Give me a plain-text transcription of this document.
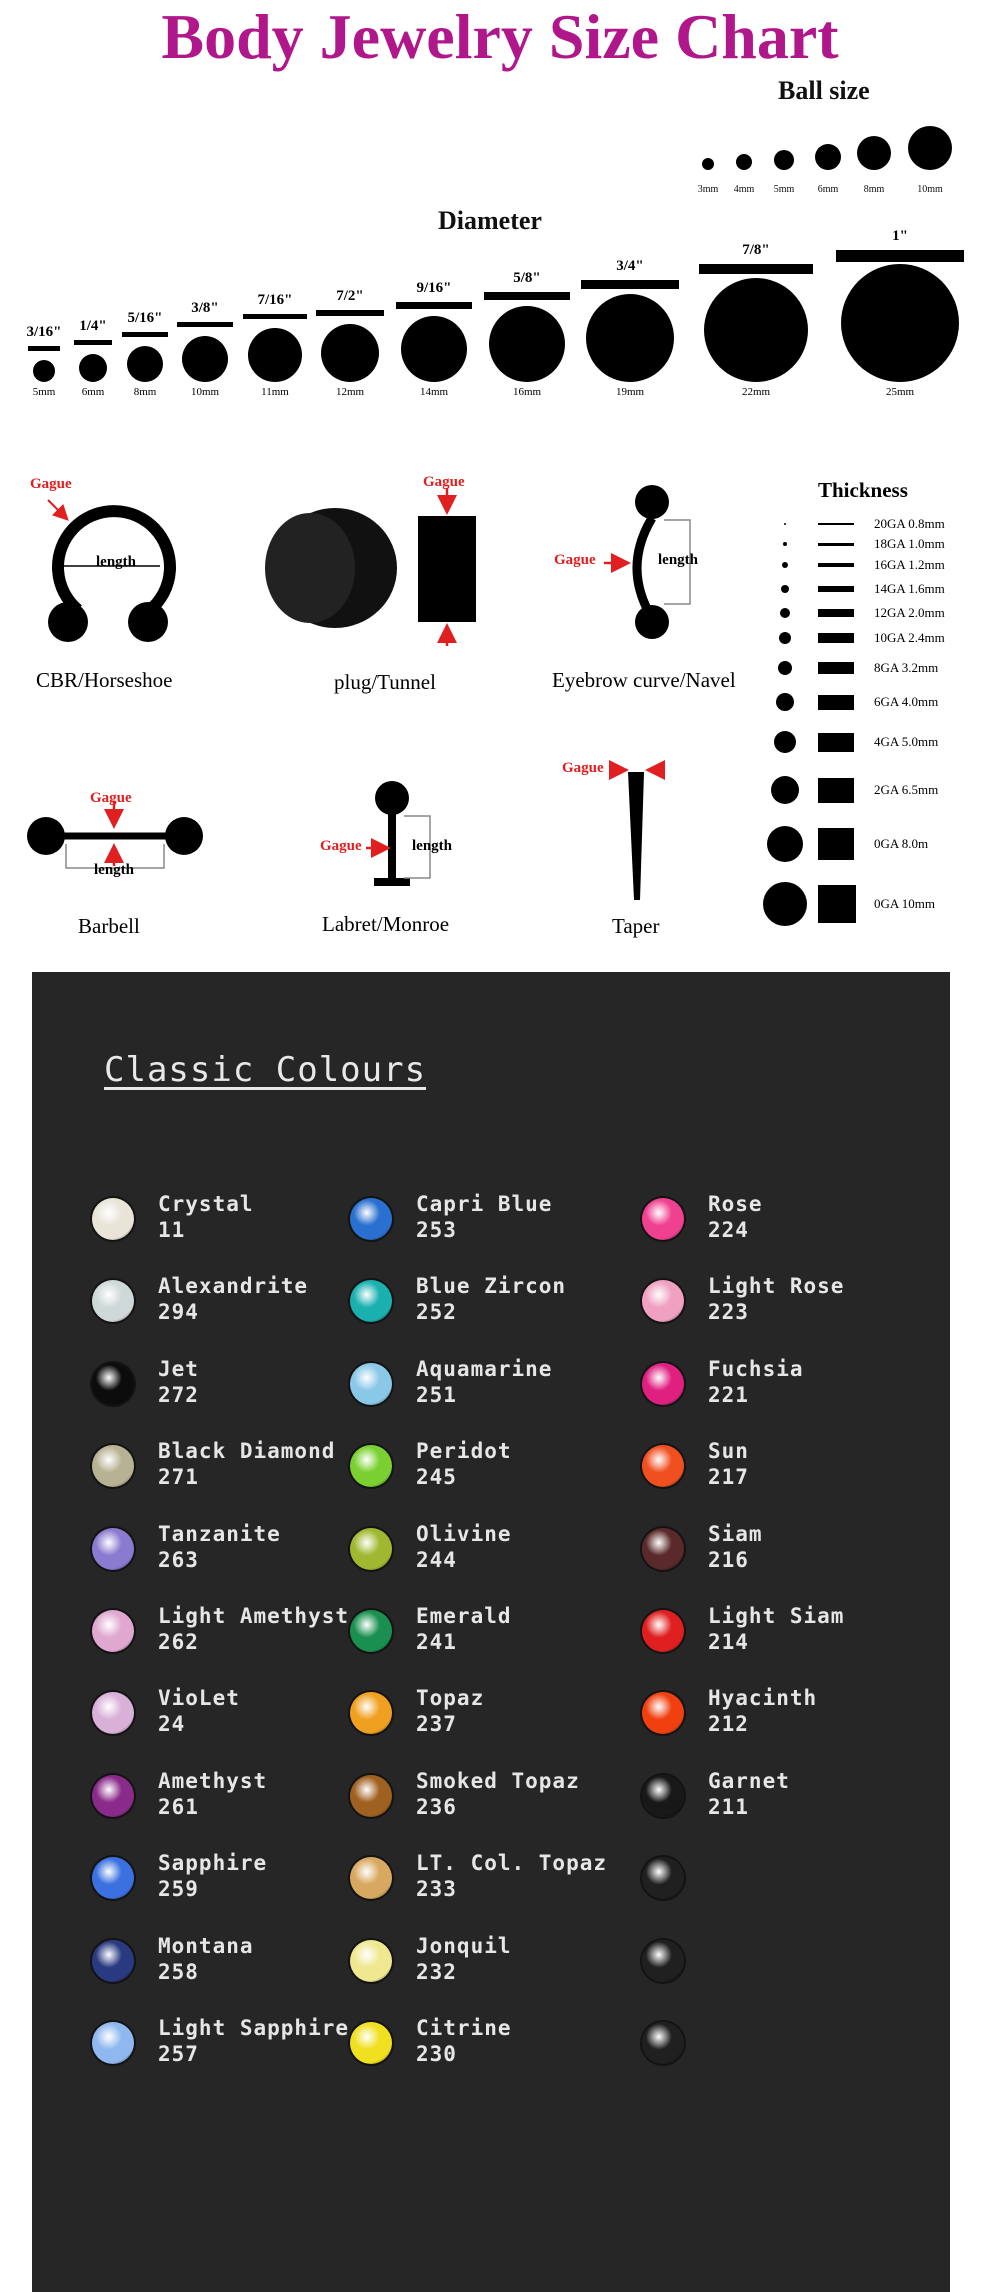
Body Jewelry Size Chart
Ball size
Diameter
Gague
length
CBR/Horseshoe
Gague
plug/Tunnel
Gague	length
Eyebrow curve/Navel
Gague
length
Barbell
Gague	length
Labret/Monroe
Gague
Taper
Thickness
Classic Colours
3mm	4mm	5mm	6mm	8mm	10mm
3/16"
5mm
1/4"
6mm
5/16"
8mm
3/8"
10mm
7/16"
11mm
7/2"
12mm
9/16"
14mm
5/8"
16mm
3/4"
19mm
7/8"
22mm
1"
25mm
20GA 0.8mm
18GA 1.0mm
16GA 1.2mm
14GA 1.6mm
12GA 2.0mm
10GA 2.4mm
8GA 3.2mm
6GA 4.0mm
4GA 5.0mm
2GA 6.5mm
0GA 8.0m
0GA 10mm
Crystal
11
Alexandrite
294
Jet
272
Black Diamond
271
Tanzanite
263
Light Amethyst
262
VioLet
24
Amethyst
261
Sapphire
259
Montana
258
Light Sapphire
257
Capri Blue
253
Blue Zircon
252
Aquamarine
251
Peridot
245
Olivine
244
Emerald
241
Topaz
237
Smoked Topaz
236
LT. Col. Topaz
233
Jonquil
232
Citrine
230
Rose
224
Light Rose
223
Fuchsia
221
Sun
217
Siam
216
Light Siam
214
Hyacinth
212
Garnet
211
